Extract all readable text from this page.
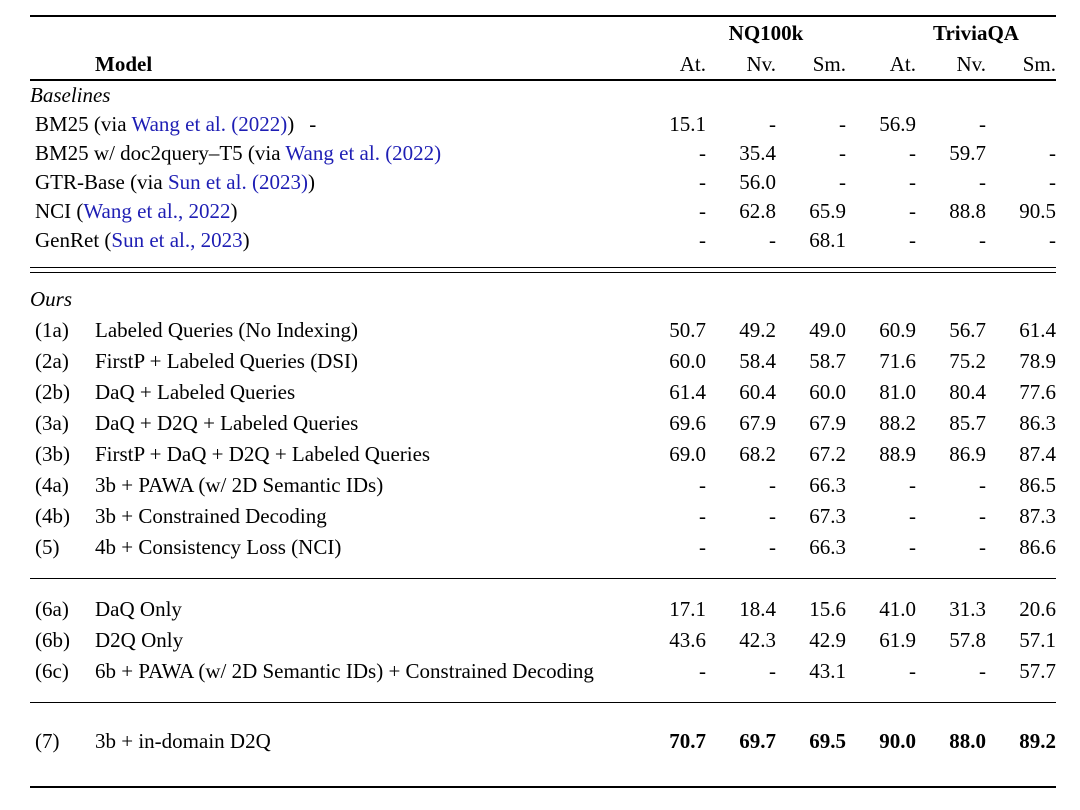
	NQ100k			TriviaQA		
Model	At.	Nv.	Sm.	At.	Nv.	Sm.

Baselines						
BM25 (via Wang et al. (2022)) -	15.1	-	-	56.9	-	
BM25 w/ doc2query–T5 (via Wang et al. (2022)	-	35.4	-	-	59.7	-
GTR-Base (via Sun et al. (2023))	-	56.0	-	-	-	-
NCI (Wang et al., 2022)	-	62.8	65.9	-	88.8	90.5
GenRet (Sun et al., 2023)	-	-	68.1	-	-	-

Ours						
(1a) Labeled Queries (No Indexing)	50.7	49.2	49.0	60.9	56.7	61.4
(2a) FirstP + Labeled Queries (DSI)	60.0	58.4	58.7	71.6	75.2	78.9
(2b) DaQ + Labeled Queries	61.4	60.4	60.0	81.0	80.4	77.6
(3a) DaQ + D2Q + Labeled Queries	69.6	67.9	67.9	88.2	85.7	86.3
(3b) FirstP + DaQ + D2Q + Labeled Queries	69.0	68.2	67.2	88.9	86.9	87.4
(4a) 3b + PAWA (w/ 2D Semantic IDs)	-	-	66.3	-	-	86.5
(4b) 3b + Constrained Decoding	-	-	67.3	-	-	87.3
(5) 4b + Consistency Loss (NCI)	-	-	66.3	-	-	86.6

(6a) DaQ Only	17.1	18.4	15.6	41.0	31.3	20.6
(6b) D2Q Only	43.6	42.3	42.9	61.9	57.8	57.1
(6c) 6b + PAWA (w/ 2D Semantic IDs) + Constrained Decoding	-	-	43.1	-	-	57.7

(7) 3b + in-domain D2Q	70.7	69.7	69.5	90.0	88.0	89.2
